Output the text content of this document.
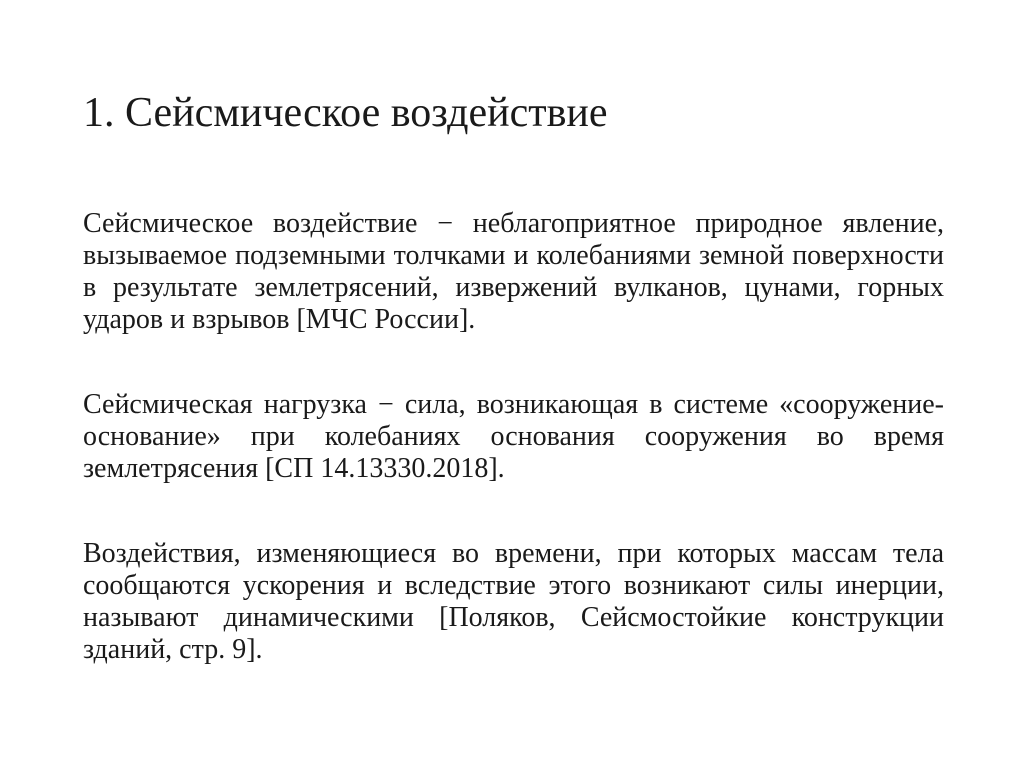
1. Сейсмическое воздействие

Сейсмическое воздействие − неблагоприятное природное явление, вызываемое подземными толчками и колебаниями земной поверхности в результате землетрясений, извержений вулканов, цунами, горных ударов и взрывов [МЧС России].

Сейсмическая нагрузка − сила, возникающая в системе «сооружение-основание» при колебаниях основания сооружения во время землетрясения [СП 14.13330.2018].

Воздействия, изменяющиеся во времени, при которых массам тела сообщаются ускорения и вследствие этого возникают силы инерции, называют динамическими [Поляков, Сейсмостойкие конструкции зданий, стр. 9].
